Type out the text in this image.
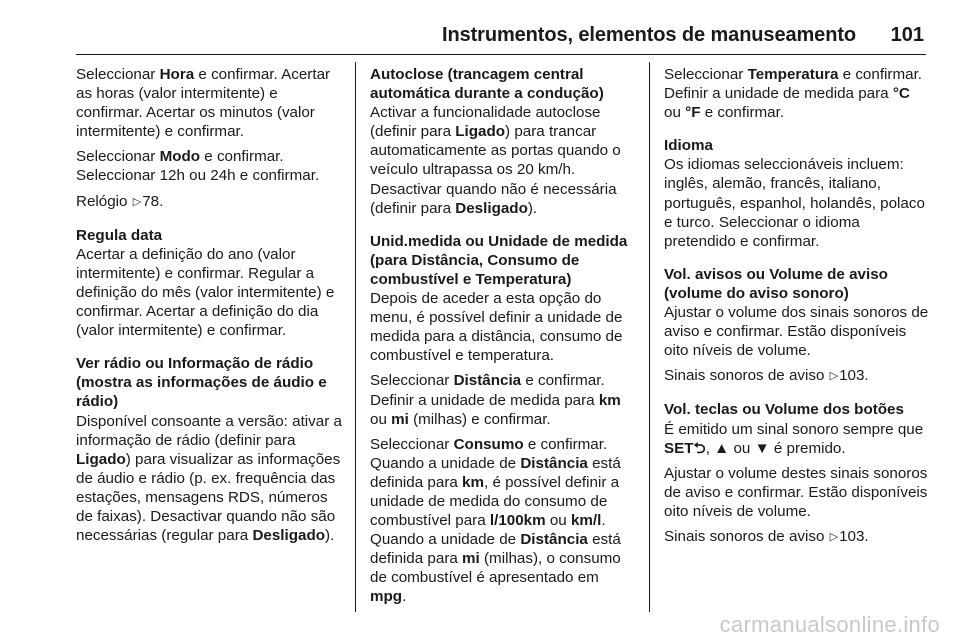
Instrumentos, elementos de manuseamento 101

Seleccionar Hora e confirmar. Acertar as horas (valor intermitente) e confirmar. Acertar os minutos (valor intermitente) e confirmar.

Seleccionar Modo e confirmar. Seleccionar 12h ou 24h e confirmar.

Relógio ▷78.

Regula data

Acertar a definição do ano (valor intermitente) e confirmar. Regular a definição do mês (valor intermitente) e confirmar. Acertar a definição do dia (valor intermitente) e confirmar.

Ver rádio ou Informação de rádio (mostra as informações de áudio e rádio)

Disponível consoante a versão: ativar a informação de rádio (definir para Ligado) para visualizar as informações de áudio e rádio (p. ex. frequência das estações, mensagens RDS, números de faixas). Desactivar quando não são necessárias (regular para Desligado).

Autoclose (trancagem central automática durante a condução)

Activar a funcionalidade autoclose (definir para Ligado) para trancar automaticamente as portas quando o veículo ultrapassa os 20 km/h. Desactivar quando não é necessária (definir para Desligado).

Unid.medida ou Unidade de medida (para Distância, Consumo de combustível e Temperatura)

Depois de aceder a esta opção do menu, é possível definir a unidade de medida para a distância, consumo de combustível e temperatura.

Seleccionar Distância e confirmar. Definir a unidade de medida para km ou mi (milhas) e confirmar.

Seleccionar Consumo e confirmar. Quando a unidade de Distância está definida para km, é possível definir a unidade de medida do consumo de combustível para l/100km ou km/l. Quando a unidade de Distância está definida para mi (milhas), o consumo de combustível é apresentado em mpg.

Seleccionar Temperatura e confirmar. Definir a unidade de medida para °C ou °F e confirmar.

Idioma

Os idiomas seleccionáveis incluem: inglês, alemão, francês, italiano, português, espanhol, holandês, polaco e turco. Seleccionar o idioma pretendido e confirmar.

Vol. avisos ou Volume de aviso (volume do aviso sonoro)

Ajustar o volume dos sinais sonoros de aviso e confirmar. Estão disponíveis oito níveis de volume.

Sinais sonoros de aviso ▷103.

Vol. teclas ou Volume dos botões

É emitido um sinal sonoro sempre que SET⮌, ▲ ou ▼ é premido.

Ajustar o volume destes sinais sonoros de aviso e confirmar. Estão disponíveis oito níveis de volume.

Sinais sonoros de aviso ▷103.

carmanualsonline.info
